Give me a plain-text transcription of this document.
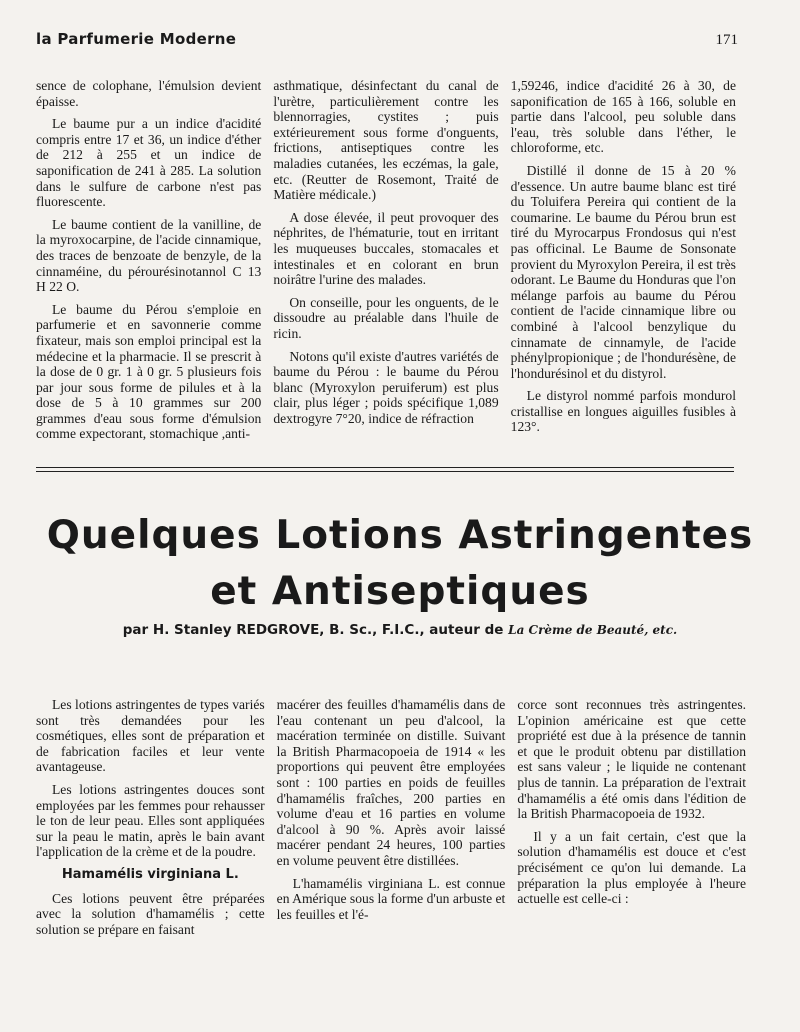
la Parfumerie Moderne	171

sence de colophane, l'émulsion devient épaisse.

Le baume pur a un indice d'acidité compris entre 17 et 36, un indice d'éther de 212 à 255 et un indice de saponification de 241 à 285. La solution dans le sulfure de carbone n'est pas fluorescente.

Le baume contient de la vanilline, de la myroxocarpine, de l'acide cinnamique, des traces de benzoate de benzyle, de la cinnaméine, du pérourésinotannol C 13 H 22 O.

Le baume du Pérou s'emploie en parfumerie et en savonnerie comme fixateur, mais son emploi principal est la médecine et la pharmacie. Il se prescrit à la dose de 0 gr. 1 à 0 gr. 5 plusieurs fois par jour sous forme de pilules et à la dose de 5 à 10 grammes sur 200 grammes d'eau sous forme d'émulsion comme expectorant, stomachique ,anti-

asthmatique, désinfectant du canal de l'urètre, particulièrement contre les blennorragies, cystites ; puis extérieurement sous forme d'onguents, frictions, antiseptiques contre les maladies cutanées, les eczémas, la gale, etc. (Reutter de Rosemont, Traité de Matière médicale.)

A dose élevée, il peut provoquer des néphrites, de l'hématurie, tout en irritant les muqueuses buccales, stomacales et intestinales et en colorant en brun noirâtre l'urine des malades.

On conseille, pour les onguents, de le dissoudre au préalable dans l'huile de ricin.

Notons qu'il existe d'autres variétés de baume du Pérou : le baume du Pérou blanc (Myroxylon peruiferum) est plus clair, plus léger ; poids spécifique 1,089 dextrogyre 7°20, indice de réfraction

1,59246, indice d'acidité 26 à 30, de saponification de 165 à 166, soluble en partie dans l'alcool, peu soluble dans l'eau, très soluble dans l'éther, le chloroforme, etc.

Distillé il donne de 15 à 20 % d'essence. Un autre baume blanc est tiré du Toluifera Pereira qui contient de la coumarine. Le baume du Pérou brun est tiré du Myrocarpus Frondosus qui n'est pas officinal. Le Baume de Sonsonate provient du Myroxylon Pereira, il est très odorant. Le Baume du Honduras que l'on mélange parfois au baume du Pérou contient de l'acide cinnamique libre ou combiné à l'alcool benzylique du cinnamate de cinnamyle, de l'acide phénylpropionique ; de l'hondurésène, de l'hondurésinol et du distyrol.

Le distyrol nommé parfois mondurol cristallise en longues aiguilles fusibles à 123°.

Quelques Lotions Astringentes
et Antiseptiques
par H. Stanley REDGROVE, B. Sc., F.I.C., auteur de La Crème de Beauté, etc.

Les lotions astringentes de types variés sont très demandées pour les cosmétiques, elles sont de préparation et de fabrication faciles et leur vente avantageuse.

Les lotions astringentes douces sont employées par les femmes pour rehausser le ton de leur peau. Elles sont appliquées sur la peau le matin, après le bain avant l'application de la crème et de la poudre.

Hamamélis virginiana L.

Ces lotions peuvent être préparées avec la solution d'hamamélis ; cette solution se prépare en faisant

macérer des feuilles d'hamamélis dans de l'eau contenant un peu d'alcool, la macération terminée on distille. Suivant la British Pharmacopoeia de 1914 « les proportions qui peuvent être employées sont : 100 parties en poids de feuilles d'hamamélis fraîches, 200 parties en volume d'eau et 16 parties en volume d'alcool à 90 %. Après avoir laissé macérer pendant 24 heures, 100 parties en volume peuvent être distillées.

L'hamamélis virginiana L. est connue en Amérique sous la forme d'un arbuste et les feuilles et l'é-

corce sont reconnues très astringentes. L'opinion américaine est que cette propriété est due à la présence de tannin et que le produit obtenu par distillation est sans valeur ; le liquide ne contenant plus de tannin. La préparation de l'extrait d'hamamélis a été omis dans l'édition de la British Pharmacopoeia de 1932.

Il y a un fait certain, c'est que la solution d'hamamélis est douce et c'est précisément ce qu'on lui demande. La préparation la plus employée à l'heure actuelle est celle-ci :
